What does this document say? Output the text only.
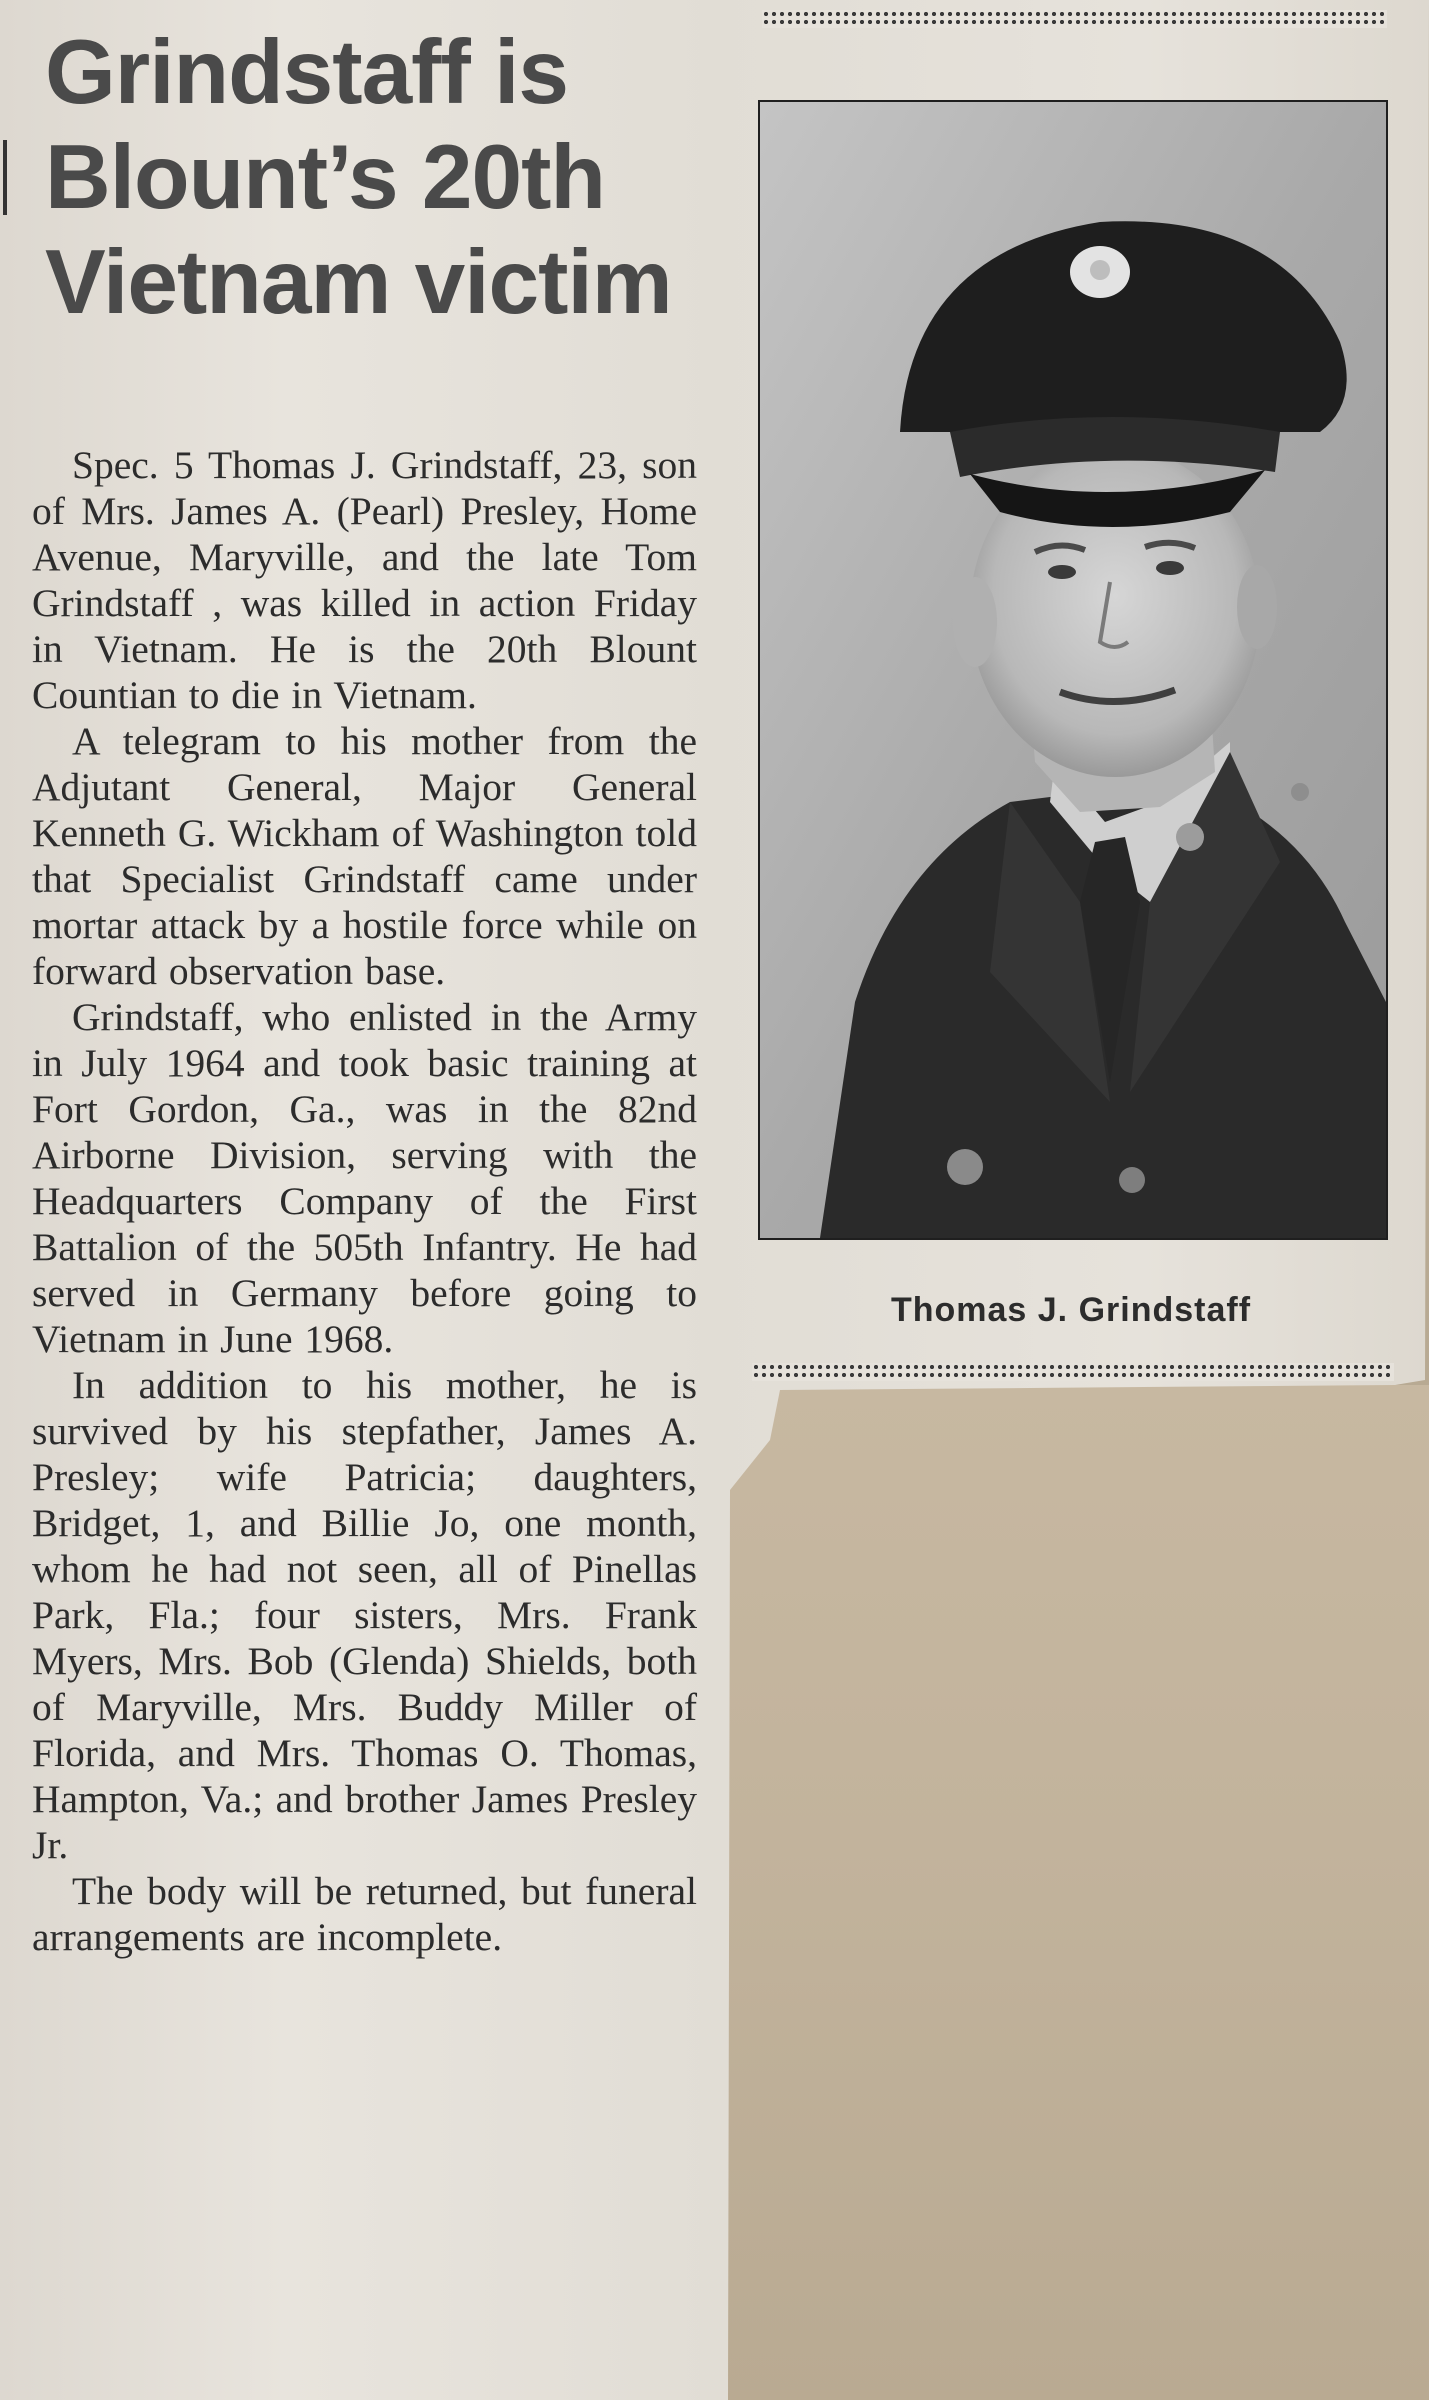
Grindstaff is
Blount’s 20th
Vietnam victim

Spec. 5 Thomas J. Grindstaff, 23, son of Mrs. James A. (Pearl) Presley, Home Avenue, Maryville, and the late Tom Grindstaff , was killed in action Friday in Vietnam. He is the 20th Blount Countian to die in Vietnam.

A telegram to his mother from the Adjutant General, Major General Kenneth G. Wickham of Washington told that Specialist Grindstaff came under mortar attack by a hostile force while on forward observation base.

Grindstaff, who enlisted in the Army in July 1964 and took basic training at Fort Gordon, Ga., was in the 82nd Airborne Division, serving with the Headquarters Company of the First Battalion of the 505th Infantry. He had served in Germany before going to Vietnam in June 1968.

In addition to his mother, he is survived by his stepfather, James A. Presley; wife Patricia; daughters, Bridget, 1, and Billie Jo, one month, whom he had not seen, all of Pinellas Park, Fla.; four sisters, Mrs. Frank Myers, Mrs. Bob (Glenda) Shields, both of Maryville, Mrs. Buddy Miller of Florida, and Mrs. Thomas O. Thomas, Hampton, Va.; and brother James Presley Jr.

The body will be returned, but funeral arrangements are incomplete.

Thomas J. Grindstaff
